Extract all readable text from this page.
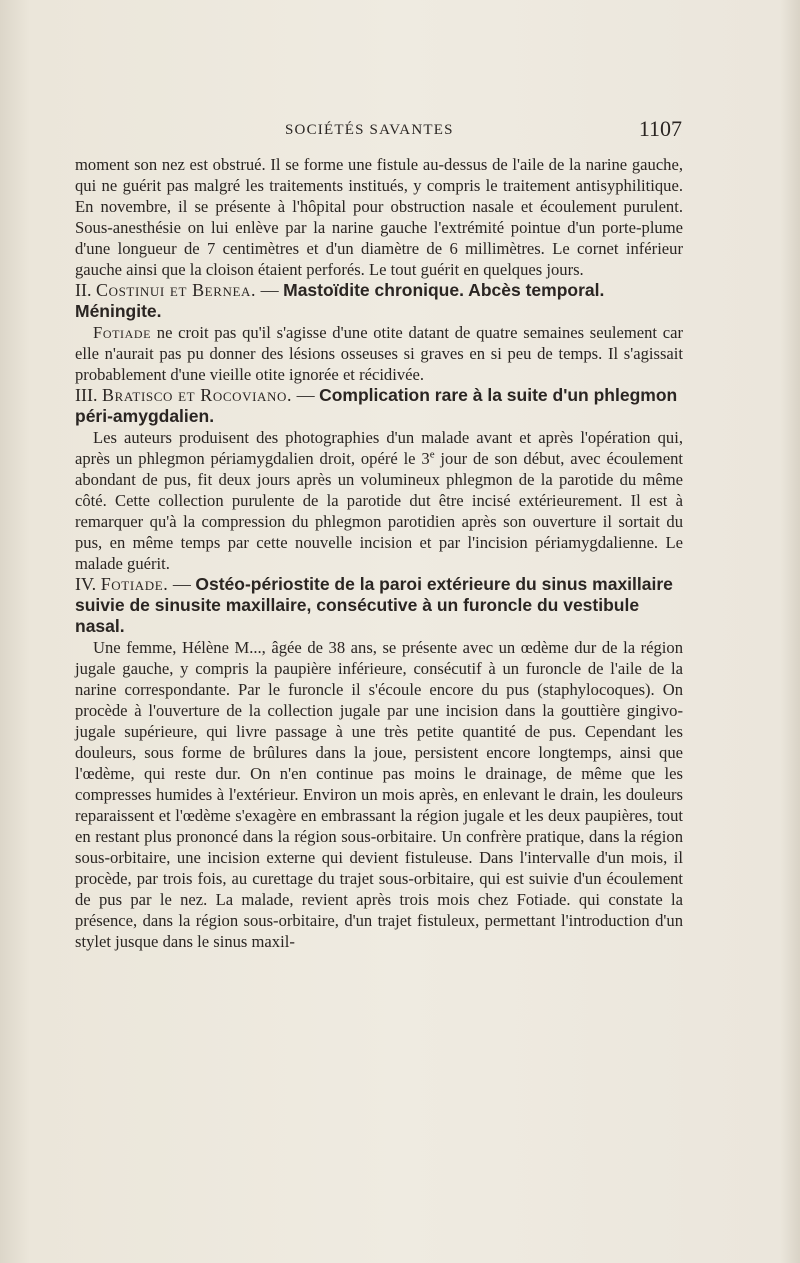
SOCIÉTÉS SAVANTES	1107

moment son nez est obstrué. Il se forme une fistule au-dessus de l'aile de la narine gauche, qui ne guérit pas malgré les traitements institués, y compris le traitement antisyphilitique. En novembre, il se présente à l'hôpital pour obstruction nasale et écoulement purulent. Sous-anesthésie on lui enlève par la narine gauche l'extrémité pointue d'un porte-plume d'une longueur de 7 centimètres et d'un diamètre de 6 millimètres. Le cornet inférieur gauche ainsi que la cloison étaient perforés. Le tout guérit en quelques jours.

II. Costinui et Bernea. — Mastoïdite chronique. Abcès temporal. Méningite.

Fotiade ne croit pas qu'il s'agisse d'une otite datant de quatre semaines seulement car elle n'aurait pas pu donner des lésions osseuses si graves en si peu de temps. Il s'agissait probablement d'une vieille otite ignorée et récidivée.

III. Bratisco et Rocoviano. — Complication rare à la suite d'un phlegmon péri-amygdalien.

Les auteurs produisent des photographies d'un malade avant et après l'opération qui, après un phlegmon périamygdalien droit, opéré le 3e jour de son début, avec écoulement abondant de pus, fit deux jours après un volumineux phlegmon de la parotide du même côté. Cette collection purulente de la parotide dut être incisé extérieurement. Il est à remarquer qu'à la compression du phlegmon parotidien après son ouverture il sortait du pus, en même temps par cette nouvelle incision et par l'incision périamygdalienne. Le malade guérit.

IV. Fotiade. — Ostéo-périostite de la paroi extérieure du sinus maxillaire suivie de sinusite maxillaire, consécutive à un furoncle du vestibule nasal.

Une femme, Hélène M..., âgée de 38 ans, se présente avec un œdème dur de la région jugale gauche, y compris la paupière inférieure, consécutif à un furoncle de l'aile de la narine correspondante. Par le furoncle il s'écoule encore du pus (staphylocoques). On procède à l'ouverture de la collection jugale par une incision dans la gouttière gingivo-jugale supérieure, qui livre passage à une très petite quantité de pus. Cependant les douleurs, sous forme de brûlures dans la joue, persistent encore longtemps, ainsi que l'œdème, qui reste dur. On n'en continue pas moins le drainage, de même que les compresses humides à l'extérieur. Environ un mois après, en enlevant le drain, les douleurs reparaissent et l'œdème s'exagère en embrassant la région jugale et les deux paupières, tout en restant plus prononcé dans la région sous-orbitaire. Un confrère pratique, dans la région sous-orbitaire, une incision externe qui devient fistuleuse. Dans l'intervalle d'un mois, il procède, par trois fois, au curettage du trajet sous-orbitaire, qui est suivie d'un écoulement de pus par le nez. La malade, revient après trois mois chez Fotiade. qui constate la présence, dans la région sous-orbitaire, d'un trajet fistuleux, permettant l'introduction d'un stylet jusque dans le sinus maxil-
